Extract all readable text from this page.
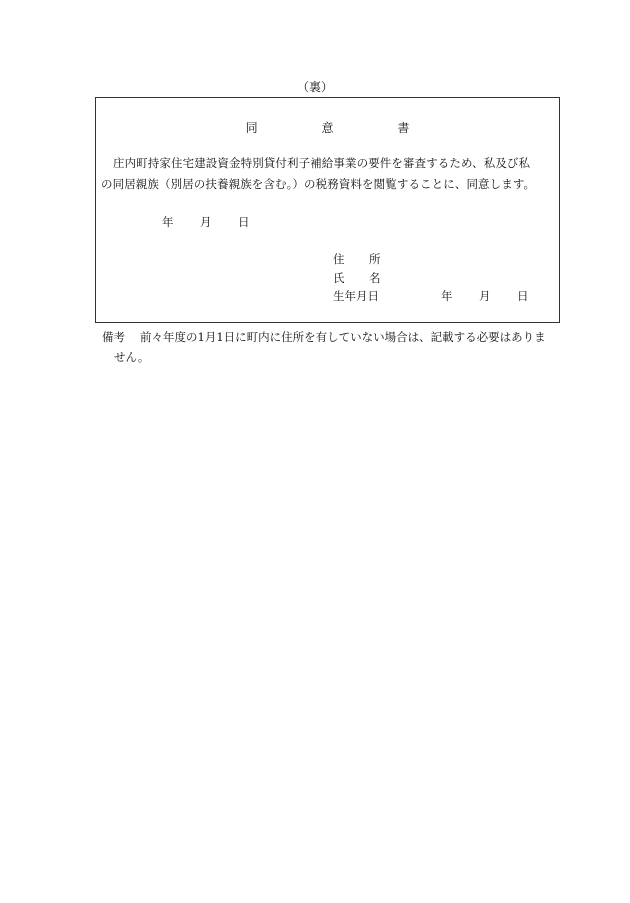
（裏）
同	意	書
庄内町持家住宅建設資金特別貸付利子補給事業の要件を審査するため、私及び私
の同居親族（別居の扶養親族を含む。）の税務資料を閲覧することに、同意します。
年 月 日
住 所
氏 名
生年月日	年 月 日
備考 前々年度の1月1日に町内に住所を有していない場合は、記載する必要はありま
せん。
